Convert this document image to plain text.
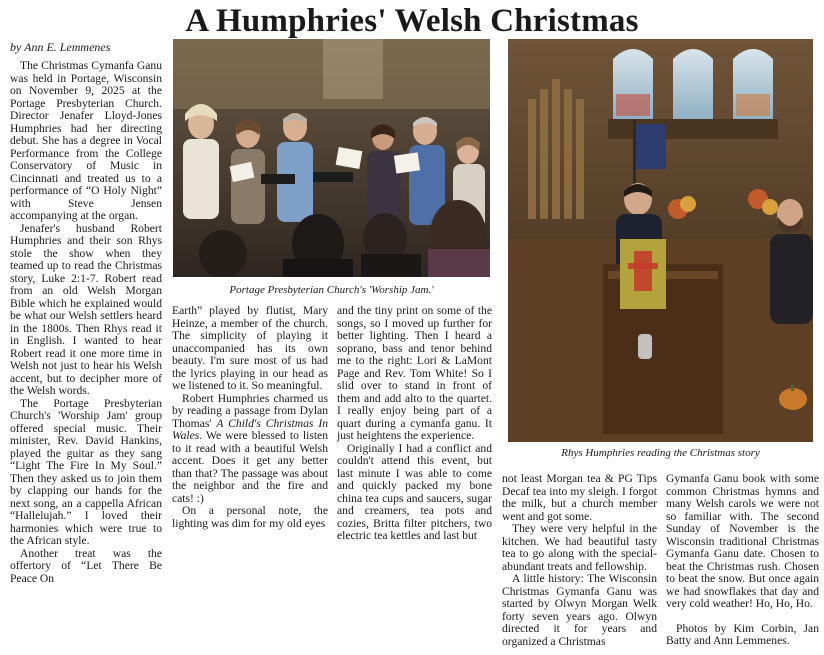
A Humphries' Welsh Christmas
by Ann E. Lemmenes

The Christmas Cymanfa Ganu was held in Portage, Wisconsin on November 9, 2025 at the Portage Presbyterian Church. Director Jenafer Lloyd-Jones Humphries had her directing debut. She has a degree in Vocal Performance from the College Conservatory of Music in Cincinnati and treated us to a performance of “O Holy Night” with Steve Jensen accompanying at the organ.

Jenafer's husband Robert Humphries and their son Rhys stole the show when they teamed up to read the Christmas story, Luke 2:1-7. Robert read from an old Welsh Morgan Bible which he explained would be what our Welsh settlers heard in the 1800s. Then Rhys read it in English. I wanted to hear Robert read it one more time in Welsh not just to hear his Welsh accent, but to decipher more of the Welsh words.

The Portage Presbyterian Church's 'Worship Jam' group offered special music. Their minister, Rev. David Hankins, played the guitar as they sang “Light The Fire In My Soul.” Then they asked us to join them by clapping our hands for the next song, an a cappella African “Hallelujah.” I loved their harmonies which were true to the African style.

Another treat was the offertory of “Let There Be Peace On

Portage Presbyterian Church's 'Worship Jam.'

Earth” played by flutist, Mary Heinze, a member of the church. The simplicity of playing it unaccompanied has its own beauty. I'm sure most of us had the lyrics playing in our head as we listened to it. So meaningful.

Robert Humphries charmed us by reading a passage from Dylan Thomas' A Child's Christmas In Wales. We were blessed to listen to it read with a beautiful Welsh accent. Does it get any better than that? The passage was about the neighbor and the fire and cats! :)

On a personal note, the lighting was dim for my old eyes

and the tiny print on some of the songs, so I moved up further for better lighting. Then I heard a soprano, bass and tenor behind me to the right: Lori & LaMont Page and Rev. Tom White! So I slid over to stand in front of them and add alto to the quartet. I really enjoy being part of a quart during a cymanfa ganu. It just heightens the experience.

Originally I had a conflict and couldn't attend this event, but last minute I was able to come and quickly packed my bone china tea cups and saucers, sugar and creamers, tea pots and cozies, Britta filter pitchers, two electric tea kettles and last but

Rhys Humphries reading the Christmas story

not least Morgan tea & PG Tips Decaf tea into my sleigh. I forgot the milk, but a church member went and got some.

They were very helpful in the kitchen. We had beautiful tasty tea to go along with the special-abundant treats and fellowship.

A little history: The Wisconsin Christmas Gymanfa Ganu was started by Olwyn Morgan Welk forty seven years ago. Olwyn directed it for years and organized a Christmas

Gymanfa Ganu book with some common Christmas hymns and many Welsh carols we were not so familiar with. The second Sunday of November is the Wisconsin traditional Christmas Gymanfa Ganu date. Chosen to beat the Christmas rush. Chosen to beat the snow. But once again we had snowflakes that day and very cold weather! Ho, Ho, Ho.

Photos by Kim Corbin, Jan Batty and Ann Lemmenes.
